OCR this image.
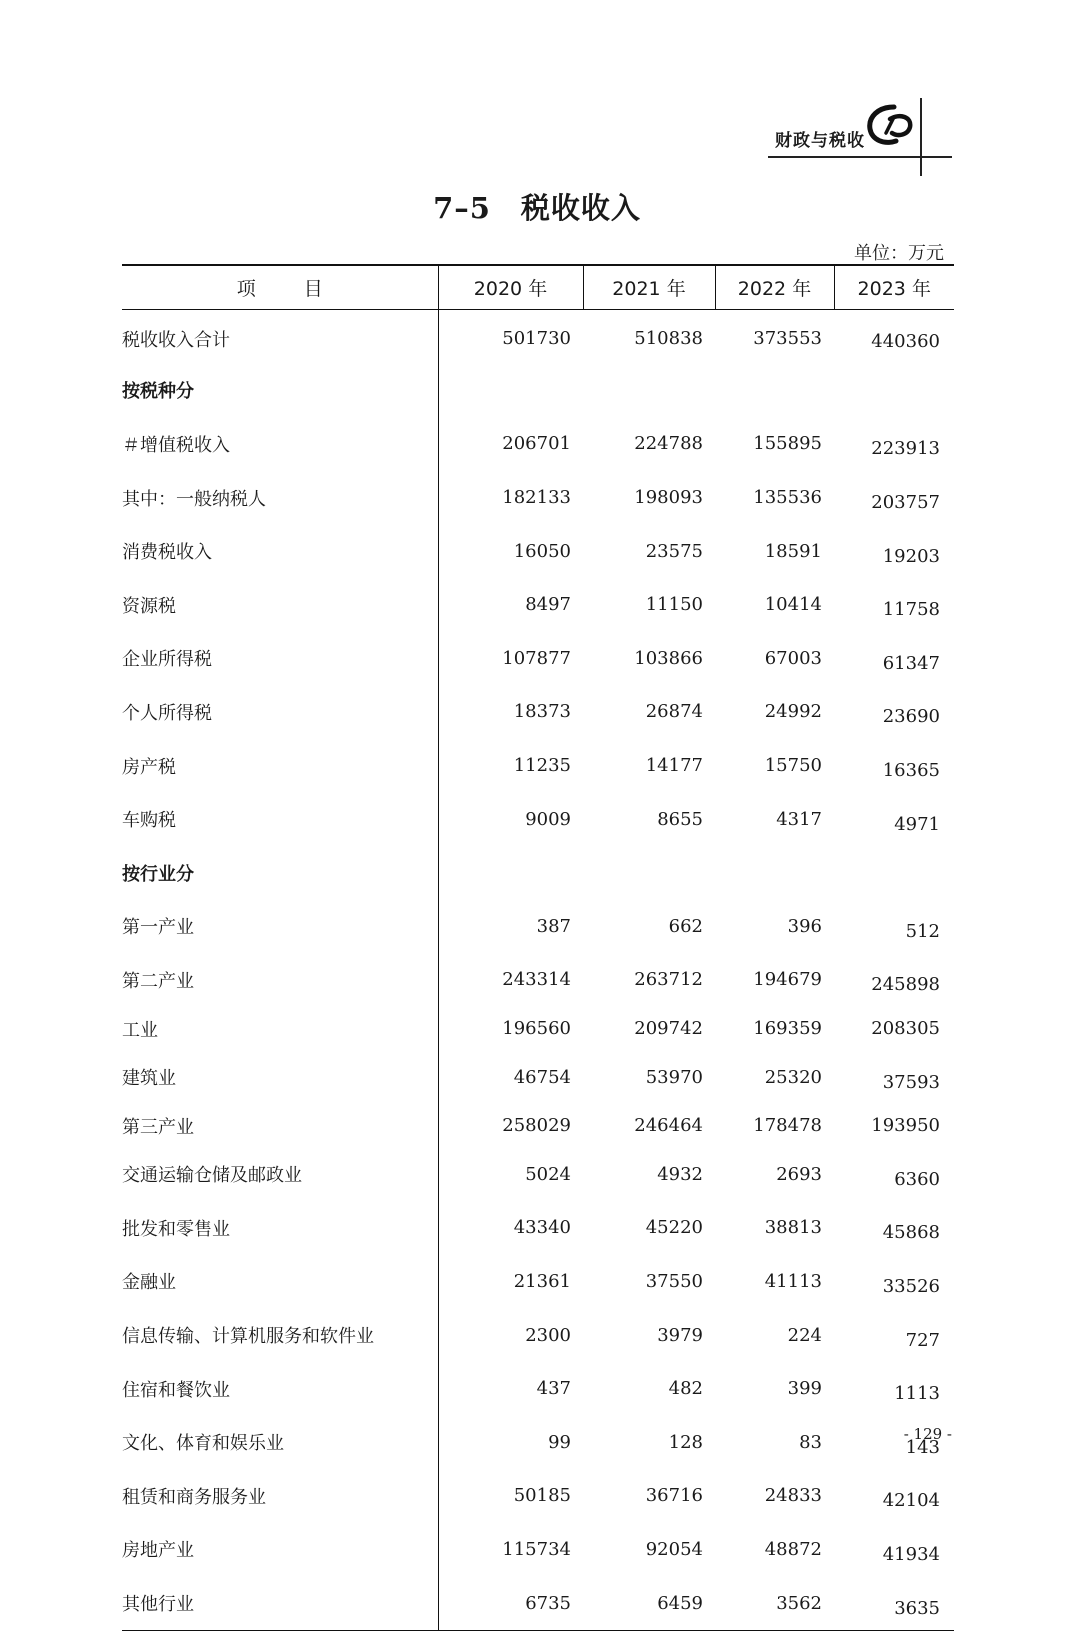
财政与税收
7–5　税收收入
单位：万元
项 目	2020 年	2021 年	2022 年	2023 年
税收收入合计	501730	510838	373553	440360
按税种分				
＃增值税收入	206701	224788	155895	223913
其中：一般纳税人	182133	198093	135536	203757
消费税收入	16050	23575	18591	19203
资源税	8497	11150	10414	11758
企业所得税	107877	103866	67003	61347
个人所得税	18373	26874	24992	23690
房产税	11235	14177	15750	16365
车购税	9009	8655	4317	4971
按行业分				
第一产业	387	662	396	512
第二产业	243314	263712	194679	245898
工业	196560	209742	169359	208305
建筑业	46754	53970	25320	37593
第三产业	258029	246464	178478	193950
交通运输仓储及邮政业	5024	4932	2693	6360
批发和零售业	43340	45220	38813	45868
金融业	21361	37550	41113	33526
信息传输、计算机服务和软件业	2300	3979	224	727
住宿和餐饮业	437	482	399	1113
文化、体育和娱乐业	99	128	83	143
租赁和商务服务业	50185	36716	24833	42104
房地产业	115734	92054	48872	41934
其他行业	6735	6459	3562	3635
- 129 -
